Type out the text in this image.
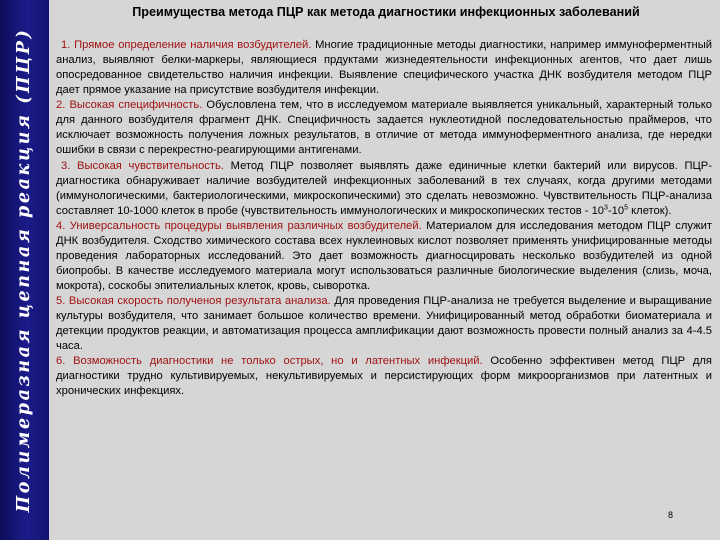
Полимеразная цепная реакция (ПЦР)
Преимущества метода ПЦР как метода диагностики инфекционных заболеваний

1. Прямое определение наличия возбудителей. Многие традиционные методы диагностики, например иммуноферментный анализ, выявляют белки-маркеры, являющиеся прдуктами жизнедеятельности инфекционных агентов, что дает лишь опосредованное свидетельство наличия инфекции. Выявление специфического участка ДНК возбудителя методом ПЦР дает прямое указание на присутствие возбудителя инфекции.

2. Высокая специфичность. Обусловлена тем, что в исследуемом материале выявляется уникальный, характерный только для данного возбудителя фрагмент ДНК. Специфичность задается нуклеотидной последовательностью праймеров, что исключает возможность получения ложных результатов, в отличие от метода иммуноферментного анализа, где нередки ошибки в связи с перекрестно-реагирующими антигенами.

3. Высокая чувствительность. Метод ПЦР позволяет выявлять даже единичные клетки бактерий или вирусов. ПЦР-диагностика обнаруживает наличие возбудителей инфекционных заболеваний в тех случаях, когда другими методами (иммунологическими, бактериологическими, микроскопическими) это сделать невозможно. Чувствительность ПЦР-анализа составляет 10-1000 клеток в пробе (чувствительность иммунологических и микроскопических тестов - $10^3-10^5$ клеток).

4. Универсальность процедуры выявления различных возбудителей. Материалом для исследования методом ПЦР служит ДНК возбудителя. Сходство химического состава всех нуклеиновых кислот позволяет применять унифицированные методы проведения лабораторных исследований. Это дает возможность диагносцировать несколько возбудителей из одной биопробы. В качестве исследуемого материала могут использоваться различные биологические выделения (слизь, моча, мокрота), соскобы эпителиальных клеток, кровь, сыворотка.

5. Высокая скорость полученоя результата анализа. Для проведения ПЦР-анализа не требуется выделение и выращивание культуры возбудителя, что занимает большое количество времени. Унифицированный метод обработки биоматериала и детекции продуктов реакции, и автоматизация процесса амплификации дают возможность провести полный анализ за 4-4.5 часа.

6. Возможность диагностики не только острых, но и латентных инфекций. Особенно эффективен метод ПЦР для диагностики трудно культивируемых, некультивируемых и персистирующих форм микроорганизмов при латентных и хронических инфекциях.

8
